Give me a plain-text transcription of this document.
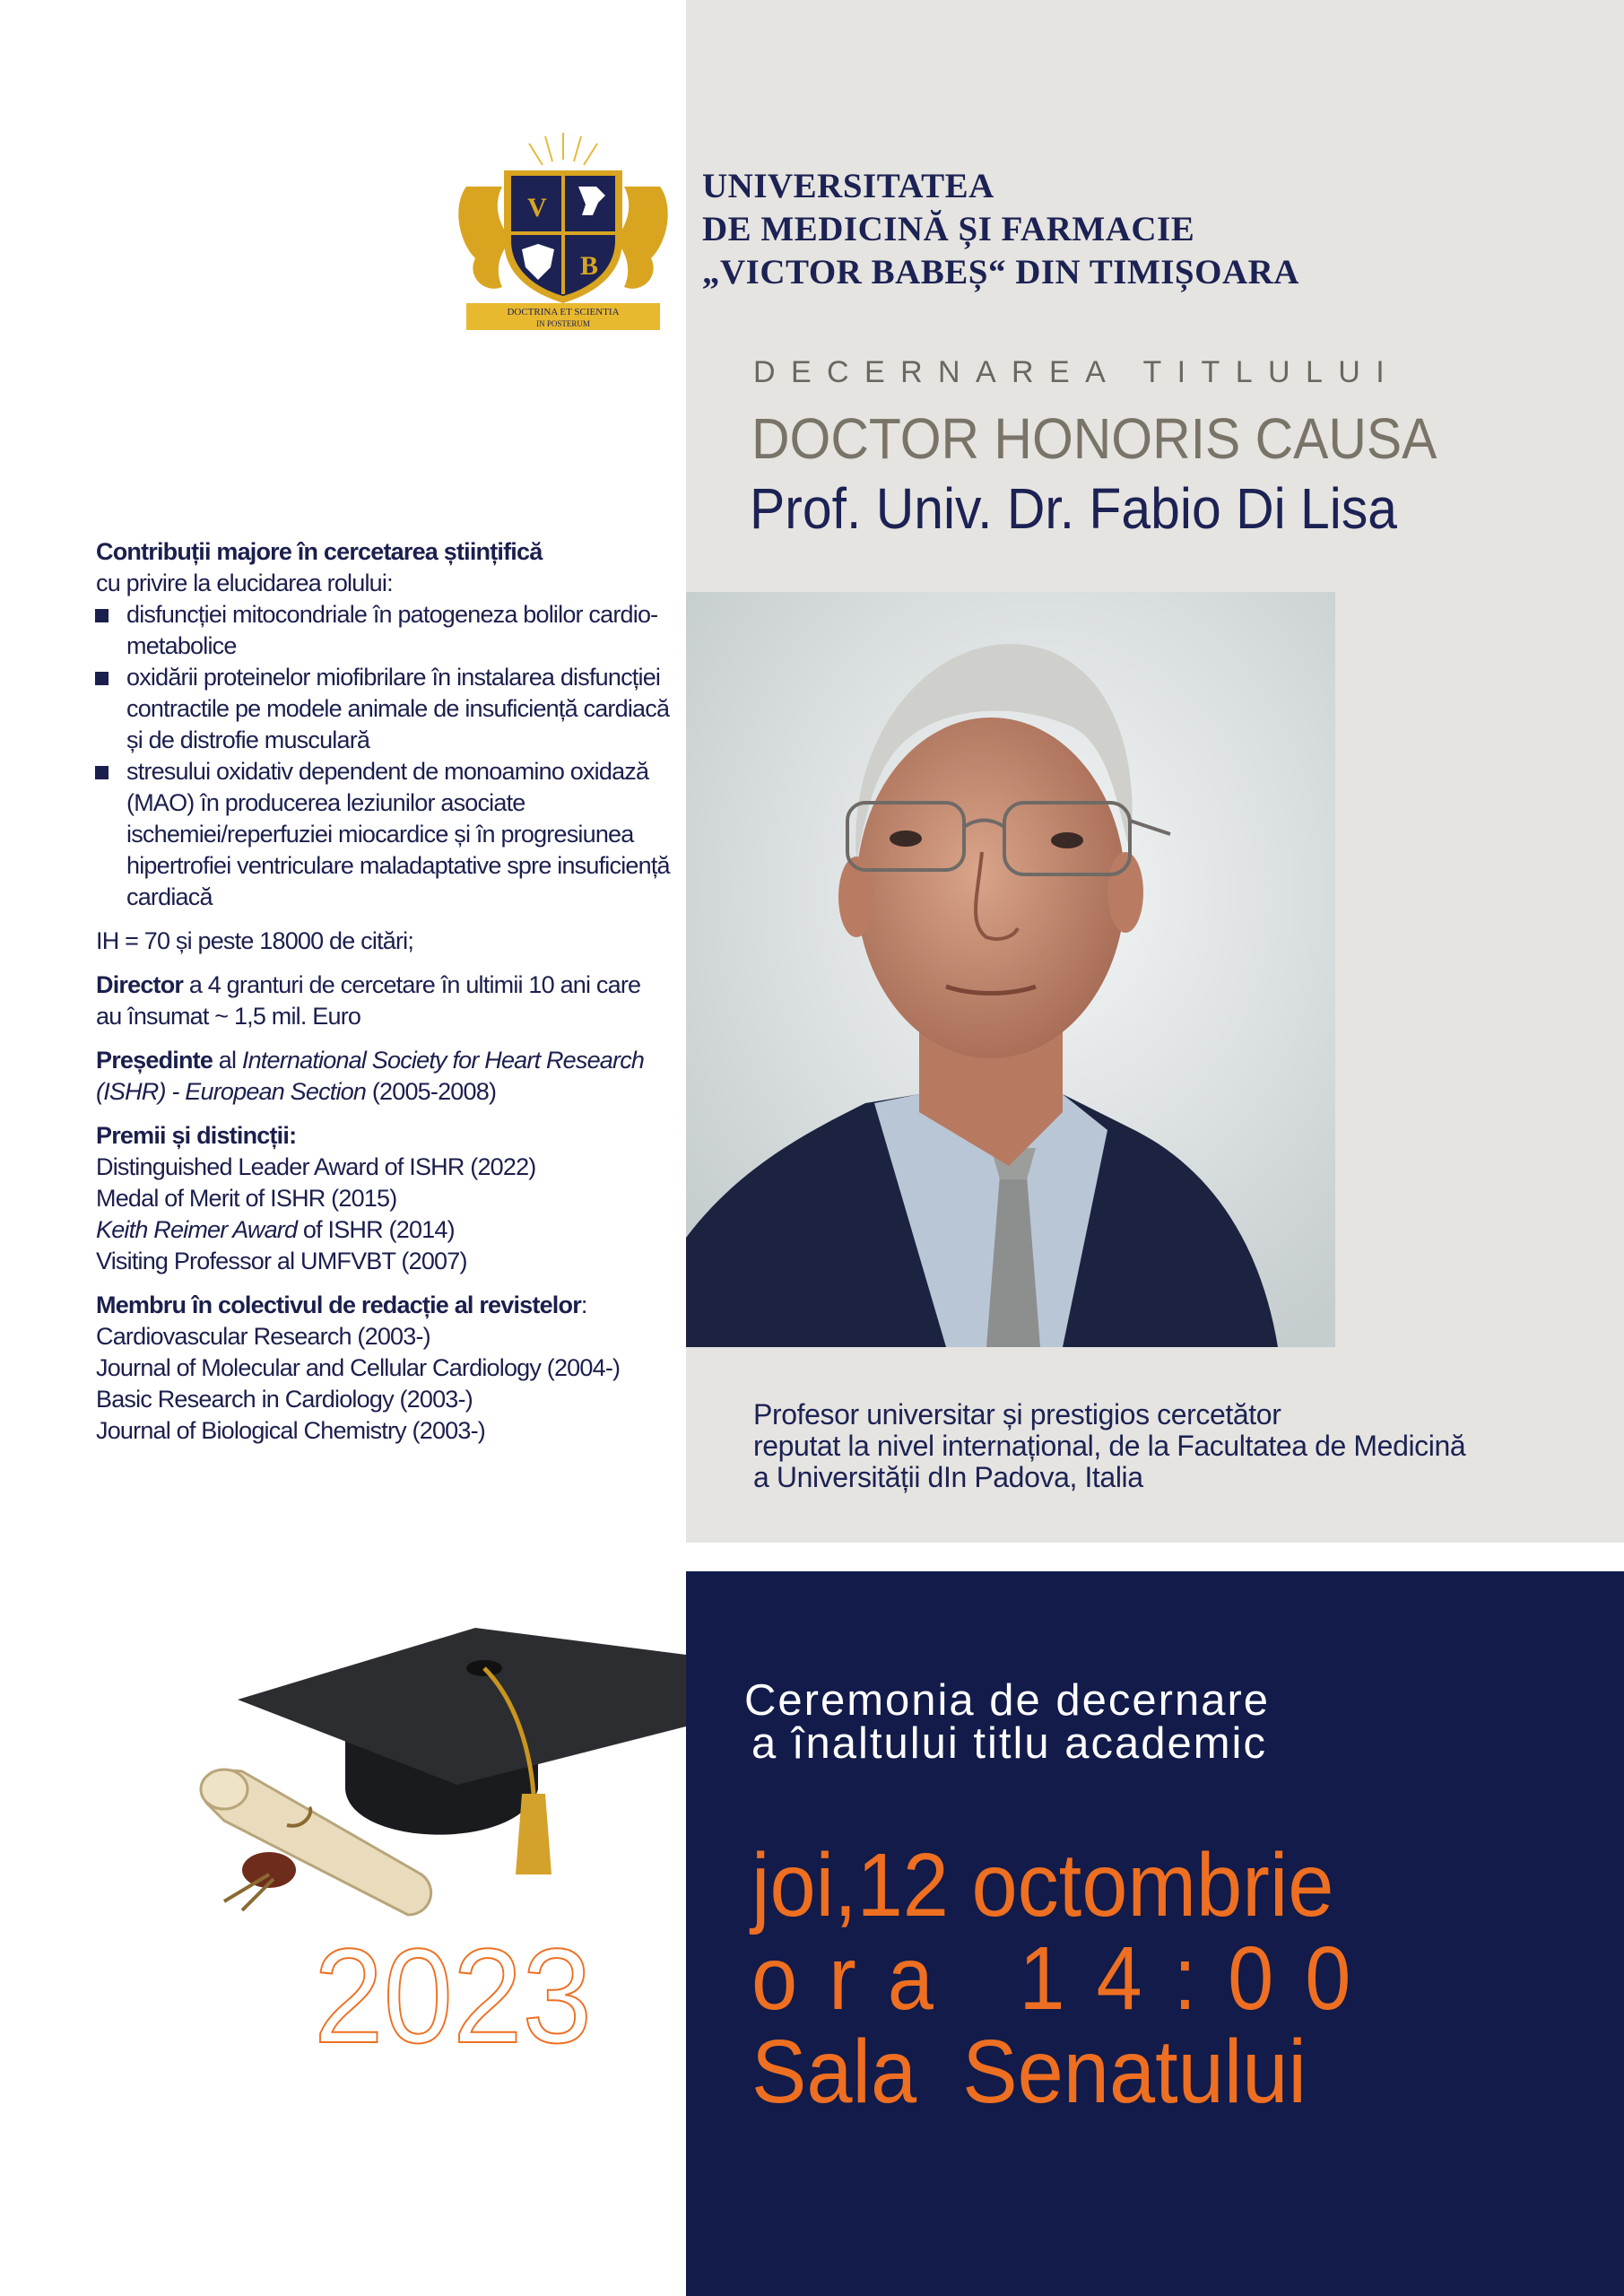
V
B
DOCTRINA ET SCIENTIA
IN POSTERUM
UNIVERSITATEA
DE MEDICINĂ ȘI FARMACIE
„VICTOR BABEȘ“ DIN TIMIȘOARA
DECERNAREA TITLULUI
DOCTOR HONORIS CAUSA
Prof. Univ. Dr. Fabio Di Lisa

Contribuții majore în cercetarea științifică

cu privire la elucidarea rolului:

disfuncției mitocondriale în patogeneza bolilor cardio-metabolice
oxidării proteinelor miofibrilare în instalarea disfuncției contractile pe modele animale de insuficiență cardiacă și de distrofie musculară
stresului oxidativ dependent de monoamino oxidază (MAO) în producerea leziunilor asociate ischemiei/reperfuziei miocardice și în progresiunea hipertrofiei ventriculare maladaptative spre insuficiență cardiacă

IH = 70 și peste 18000 de citări;

Director a 4 granturi de cercetare în ultimii 10 ani care au însumat ~ 1,5 mil. Euro

Președinte al International Society for Heart Research (ISHR) - European Section (2005-2008)

Premii și distincții:

Distinguished Leader Award of ISHR (2022)

Medal of Merit of ISHR (2015)

Keith Reimer Award of ISHR (2014)

Visiting Professor al UMFVBT (2007)

Membru în colectivul de redacție al revistelor:

Cardiovascular Research (2003-)

Journal of Molecular and Cellular Cardiology (2004-)

Basic Research in Cardiology (2003-)

Journal of Biological Chemistry (2003-)	Profesor universitar și prestigios cercetător

reputat la nivel internațional, de la Facultatea de Medicină

a Universității dIn Padova, Italia

2023

Ceremonia de decernare

a înaltului titlu academic

joi,12 octombrie
ora 14:00
Sala  Senatului
